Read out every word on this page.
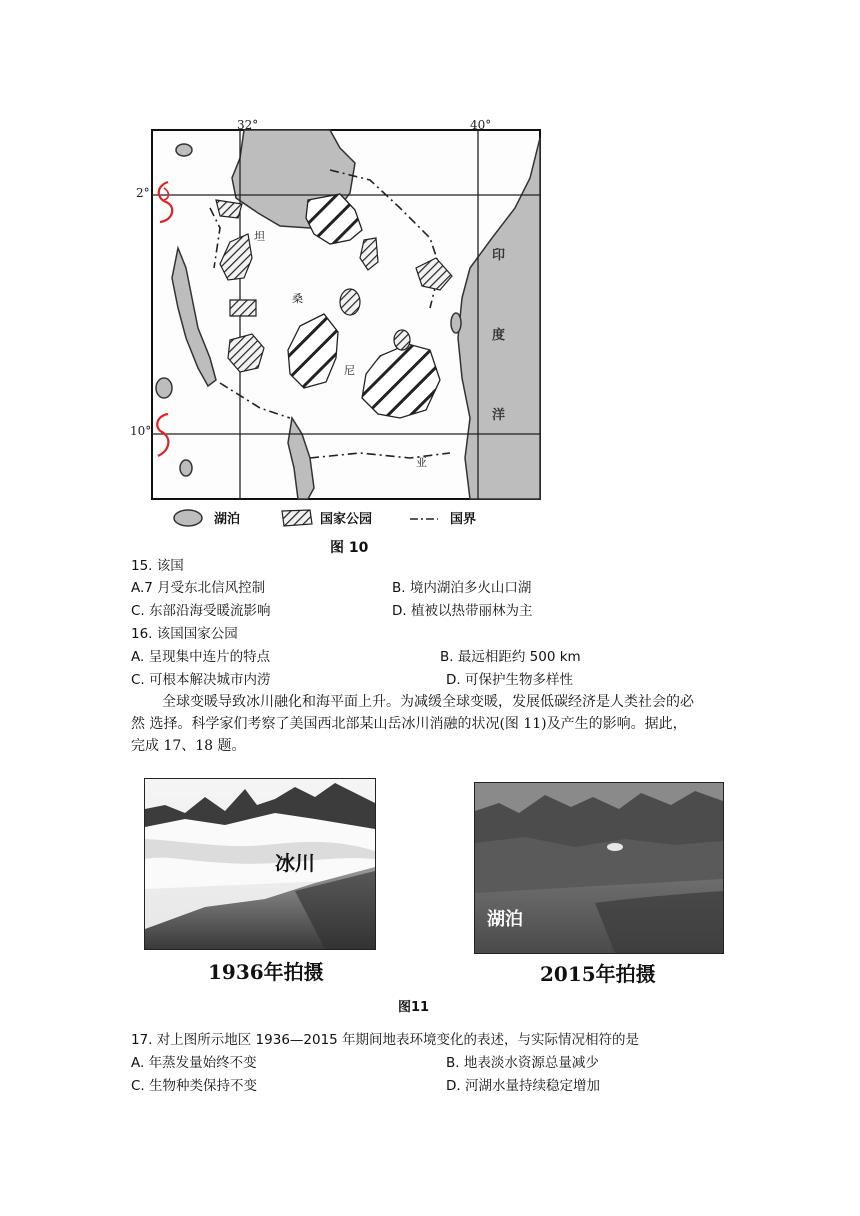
32°	40°
2°
10°
坦
桑
尼
亚
印
度
洋
湖泊	国家公园	国界
图 10
15. 该国
A.7 月受东北信风控制	B. 境内湖泊多火山口湖
C. 东部沿海受暖流影响	D. 植被以热带丽林为主
16. 该国国家公园
A. 呈现集中连片的特点	B. 最远相距约 500 km
C. 可根本解决城市内涝	D. 可保护生物多样性
全球变暖导致冰川融化和海平面上升。为减缓全球变暖，发展低碳经济是人类社会的必
然 选择。科学家们考察了美国西北部某山岳冰川消融的状况(图 11)及产生的影响。据此，
完成 17、18 题。
冰川
1936年拍摄
湖泊
2015年拍摄
图11
17. 对上图所示地区 1936—2015 年期间地表环境变化的表述，与实际情况相符的是
A. 年蒸发量始终不变	B. 地表淡水资源总量减少
C. 生物种类保持不变	D. 河湖水量持续稳定增加
